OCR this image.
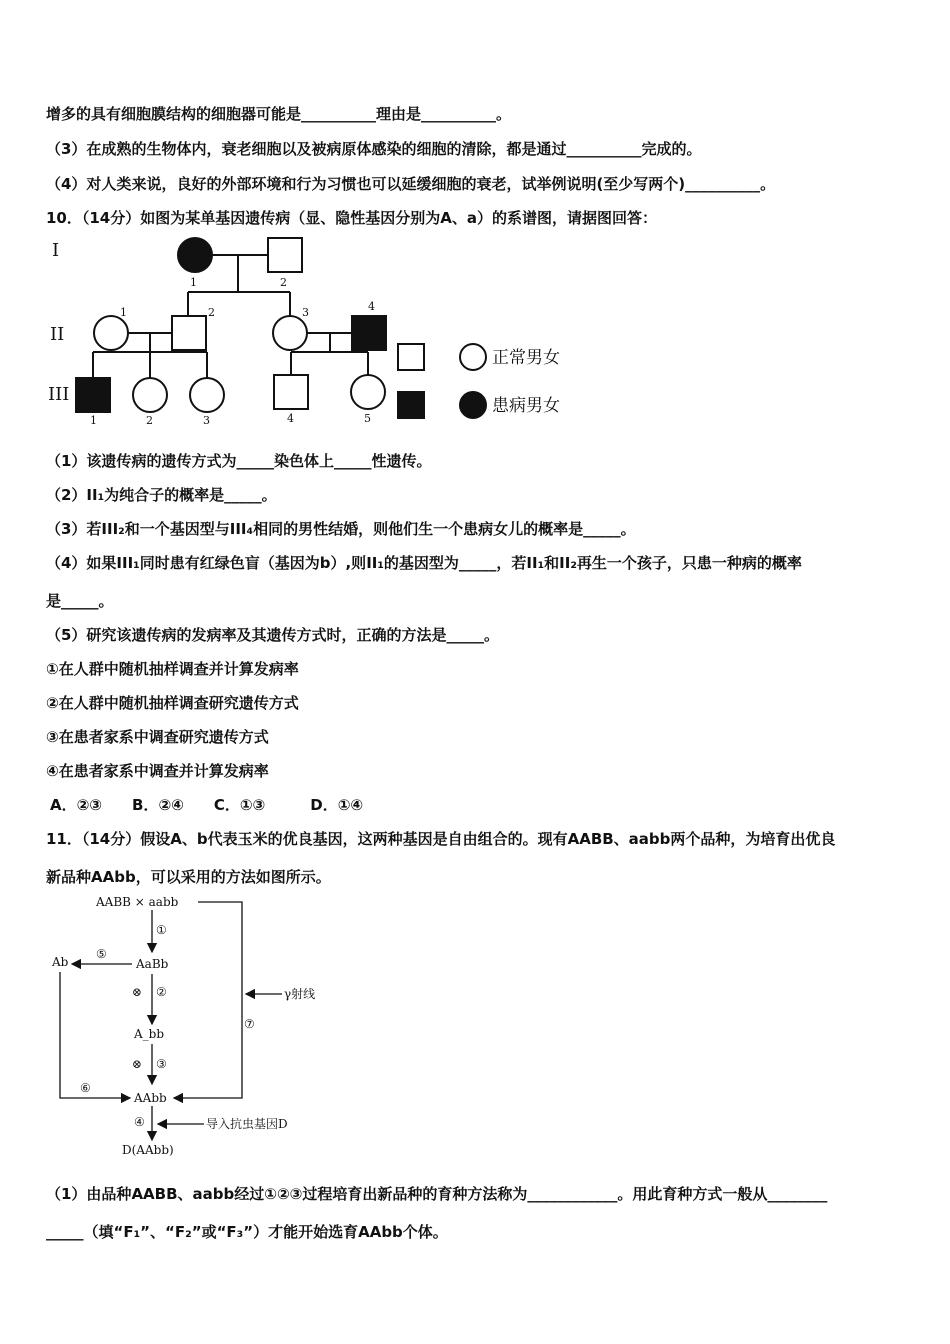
增多的具有细胞膜结构的细胞器可能是__________理由是__________。
（3）在成熟的生物体内，衰老细胞以及被病原体感染的细胞的清除，都是通过__________完成的。
（4）对人类来说，良好的外部环境和行为习惯也可以延缓细胞的衰老，试举例说明(至少写两个)__________。
10．（14分）如图为某单基因遗传病（显、隐性基因分别为A、a）的系谱图，请据图回答：
I
II
III
1	2
1	2	3	4
1	2	3	4	5
正常男女
患病男女
（1）该遗传病的遗传方式为_____染色体上_____性遗传。
（2）II₁为纯合子的概率是_____。
（3）若III₂和一个基因型与III₄相同的男性结婚，则他们生一个患病女儿的概率是_____。
（4）如果III₁同时患有红绿色盲（基因为b）,则II₁的基因型为_____，若II₁和II₂再生一个孩子，只患一种病的概率
是_____。
（5）研究该遗传病的发病率及其遗传方式时，正确的方法是_____。
①在人群中随机抽样调查并计算发病率
②在人群中随机抽样调查研究遗传方式
③在患者家系中调查研究遗传方式
④在患者家系中调查并计算发病率
A．②③　　B．②④　　C．①③　　　D．①④
11．（14分）假设A、b代表玉米的优良基因，这两种基因是自由组合的。现有AABB、aabb两个品种，为培育出优良
新品种AAbb，可以采用的方法如图所示。
AABB × aabb
①
AaBb
Ab
⑤
⊗ ②
A_bb
⊗ ③
⑥
AAbb
④
⑦
γ射线
导入抗虫基因D
D(AAbb)
（1）由品种AABB、aabb经过①②③过程培育出新品种的育种方法称为____________。用此育种方式一般从________
_____（填“F₁”、“F₂”或“F₃”）才能开始选育AAbb个体。
